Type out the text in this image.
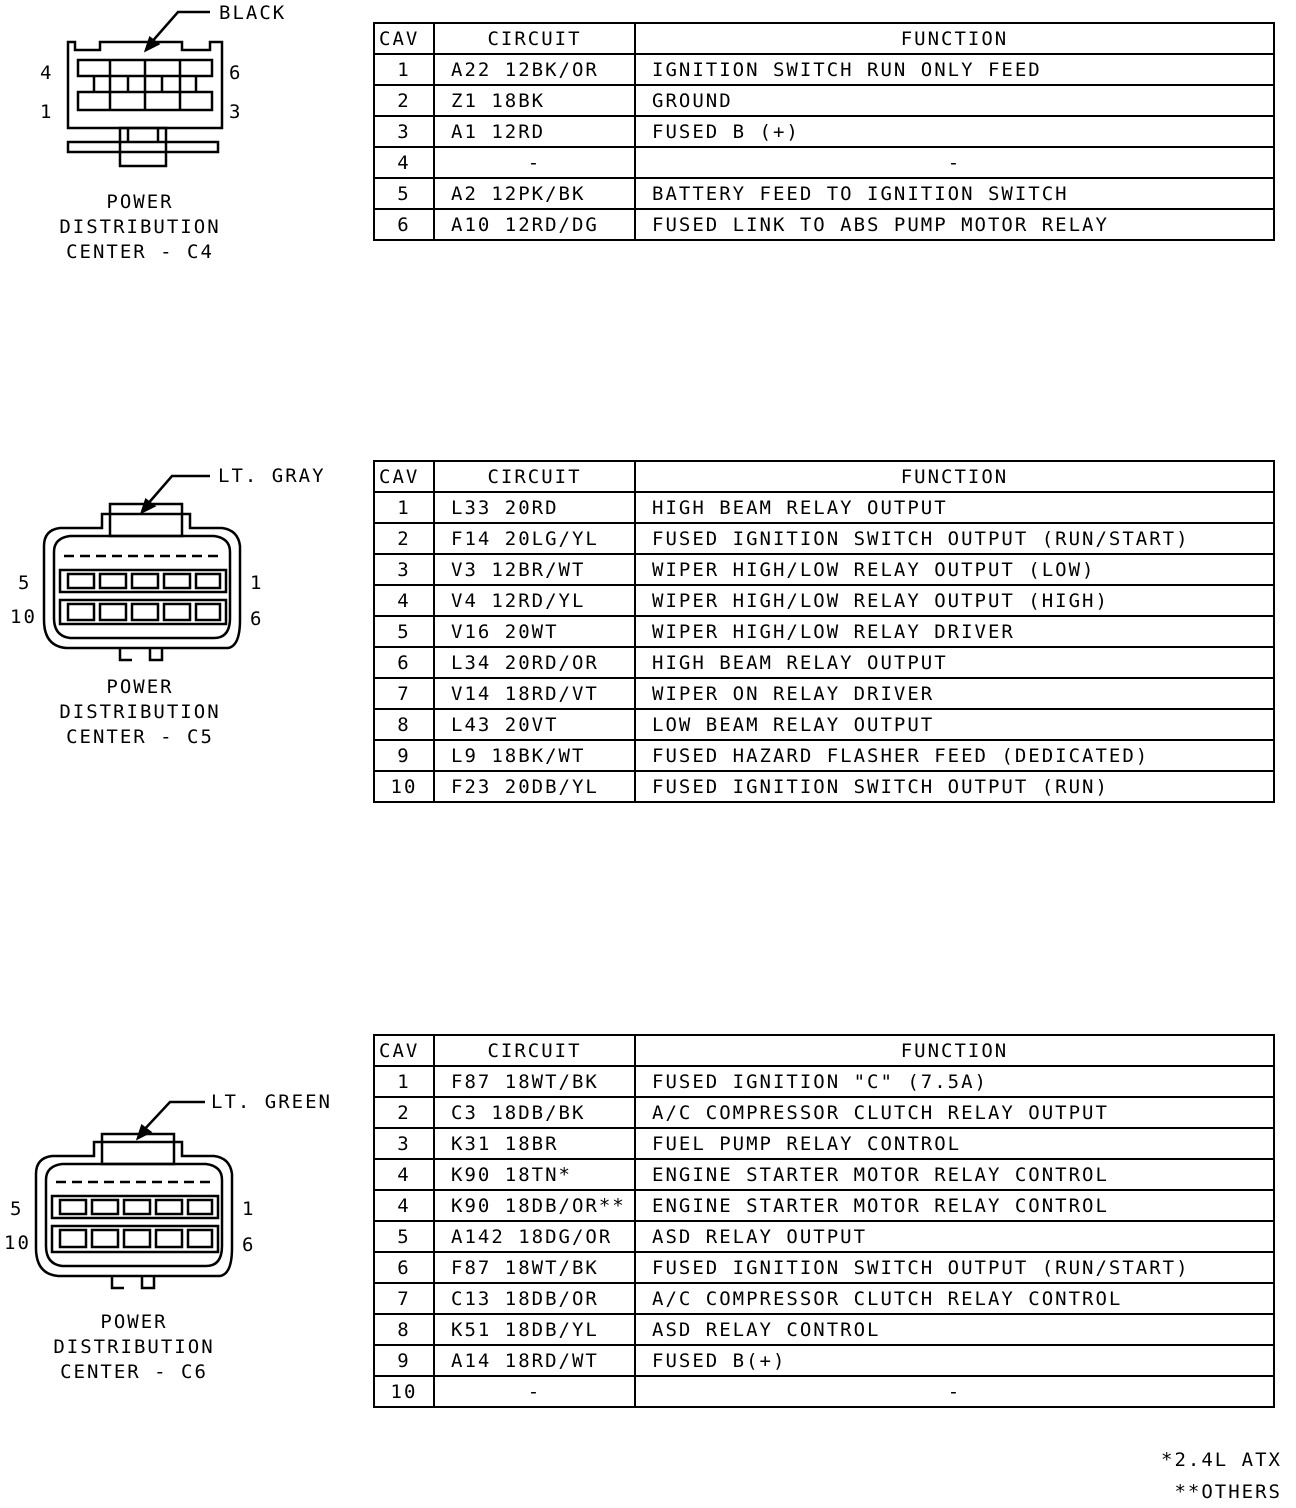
BLACK
4	6
1	3
POWER
DISTRIBUTION
CENTER - C4
CAV	CIRCUIT	FUNCTION
1	A22 12BK/OR	IGNITION SWITCH RUN ONLY FEED
2	Z1 18BK	GROUND
3	A1 12RD	FUSED B (+)
4	-	-
5	A2 12PK/BK	BATTERY FEED TO IGNITION SWITCH
6	A10 12RD/DG	FUSED LINK TO ABS PUMP MOTOR RELAY
LT. GRAY
5	1
10	6
POWER
DISTRIBUTION
CENTER - C5
CAV	CIRCUIT	FUNCTION
1	L33 20RD	HIGH BEAM RELAY OUTPUT
2	F14 20LG/YL	FUSED IGNITION SWITCH OUTPUT (RUN/START)
3	V3 12BR/WT	WIPER HIGH/LOW RELAY OUTPUT (LOW)
4	V4 12RD/YL	WIPER HIGH/LOW RELAY OUTPUT (HIGH)
5	V16 20WT	WIPER HIGH/LOW RELAY DRIVER
6	L34 20RD/OR	HIGH BEAM RELAY OUTPUT
7	V14 18RD/VT	WIPER ON RELAY DRIVER
8	L43 20VT	LOW BEAM RELAY OUTPUT
9	L9 18BK/WT	FUSED HAZARD FLASHER FEED (DEDICATED)
10	F23 20DB/YL	FUSED IGNITION SWITCH OUTPUT (RUN)
LT. GREEN
5	1
10	6
POWER
DISTRIBUTION
CENTER - C6
CAV	CIRCUIT	FUNCTION
1	F87 18WT/BK	FUSED IGNITION "C" (7.5A)
2	C3 18DB/BK	A/C COMPRESSOR CLUTCH RELAY OUTPUT
3	K31 18BR	FUEL PUMP RELAY CONTROL
4	K90 18TN*	ENGINE STARTER MOTOR RELAY CONTROL
4	K90 18DB/OR**	ENGINE STARTER MOTOR RELAY CONTROL
5	A142 18DG/OR	ASD RELAY OUTPUT
6	F87 18WT/BK	FUSED IGNITION SWITCH OUTPUT (RUN/START)
7	C13 18DB/OR	A/C COMPRESSOR CLUTCH RELAY CONTROL
8	K51 18DB/YL	ASD RELAY CONTROL
9	A14 18RD/WT	FUSED B(+)
10	-	-
*2.4L ATX
**OTHERS
